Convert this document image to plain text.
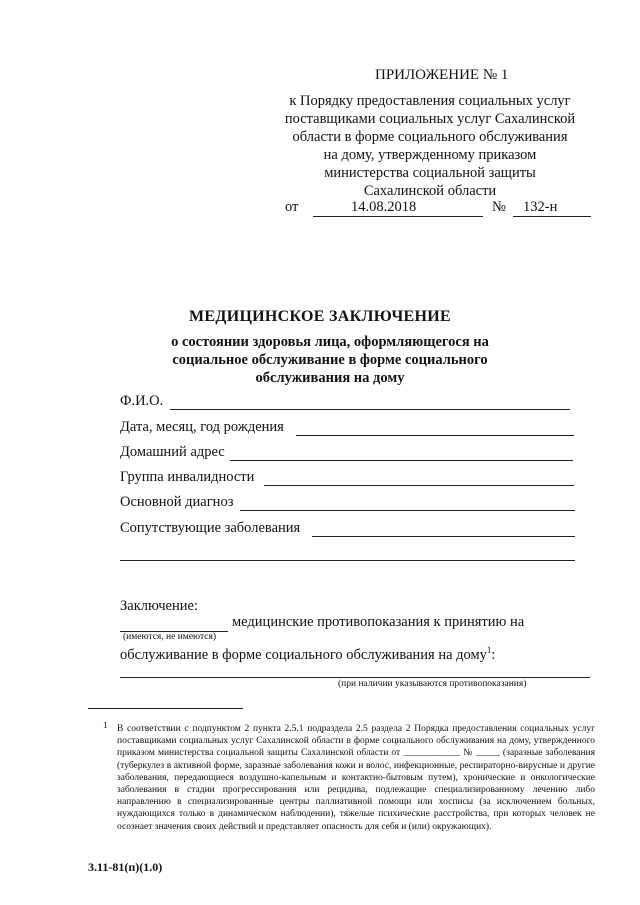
ПРИЛОЖЕНИЕ № 1
к Порядку предоставления социальных услуг
поставщиками социальных услуг Сахалинской
области в форме социального обслуживания
на дому, утвержденному приказом
министерства социальной защиты
Сахалинской области
от	14.08.2018	№ 132-н
МЕДИЦИНСКОЕ ЗАКЛЮЧЕНИЕ
о состоянии здоровья лица, оформляющегося на
социальное обслуживание в форме социального
обслуживания на дому
Ф.И.О.
Дата, месяц, год рождения
Домашний адрес
Группа инвалидности
Основной диагноз
Сопутствующие заболевания
Заключение:
медицинские противопоказания к принятию на
(имеются, не имеются)
обслуживание в форме социального обслуживания на дому$^1$:
(при наличии указываются противопоказания)
1 В соответствии с подпунктом 2 пункта 2.5.1 подраздела 2.5 раздела 2 Порядка предоставления социальных услуг поставщиками социальных услуг Сахалинской области в форме социального обслуживания на дому, утвержденного приказом министерства социальной защиты Сахалинской области от ____________ № _____ (заразные заболевания (туберкулез в активной форме, заразные заболевания кожи и волос, инфекционные, респираторно-вирусные и другие заболевания, передающиеся воздушно-капельным и контактно-бытовым путем), хронические и онкологические заболевания в стадии прогрессирования или рецидива, подлежащие специализированному лечению либо направлению в специализированные центры паллиативной помощи или хосписы (за исключением больных, нуждающихся только в динамическом наблюдении), тяжелые психические расстройства, при которых человек не осознает значения своих действий и представляет опасность для себя и (или) окружающих).
3.11-81(п)(1.0)
